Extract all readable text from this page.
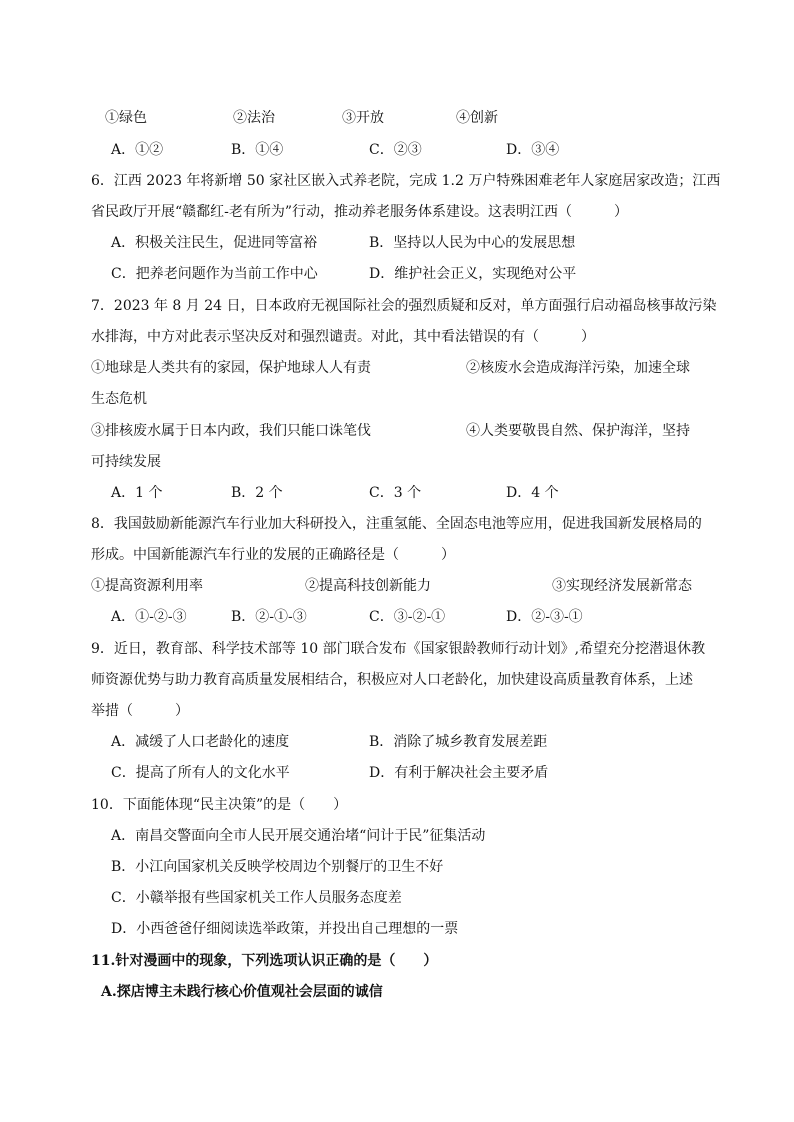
①绿色	②法治	③开放	④创新
A．①②	B．①④	C．②③	D．③④
6．江西 2023 年将新增 50 家社区嵌入式养老院，完成 1.2 万户特殊困难老年人家庭居家改造；江西
省民政厅开展“赣鄱红-老有所为”行动，推动养老服务体系建设。这表明江西（　　　）
A．积极关注民生，促进同等富裕	B．坚持以人民为中心的发展思想
C．把养老问题作为当前工作中心	D．维护社会正义，实现绝对公平
7．2023 年 8 月 24 日，日本政府无视国际社会的强烈质疑和反对，单方面强行启动福岛核事故污染
水排海，中方对此表示坚决反对和强烈谴责。对此，其中看法错误的有（　　　）
①地球是人类共有的家园，保护地球人人有责	②核废水会造成海洋污染，加速全球
生态危机
③排核废水属于日本内政，我们只能口诛笔伐	④人类要敬畏自然、保护海洋，坚持
可持续发展
A．1 个	B．2 个	C．3 个	D．4 个
8．我国鼓励新能源汽车行业加大科研投入，注重氢能、全固态电池等应用，促进我国新发展格局的
形成。中国新能源汽车行业的发展的正确路径是（　　　）
①提高资源利用率	②提高科技创新能力	③实现经济发展新常态
A．①-②-③	B．②-①-③	C．③-②-①	D．②-③-①
9．近日，教育部、科学技术部等 10 部门联合发布《国家银龄教师行动计划》,希望充分挖潜退休教
师资源优势与助力教育高质量发展相结合，积极应对人口老龄化，加快建设高质量教育体系，上述
举措（　　　）
A．减缓了人口老龄化的速度	B．消除了城乡教育发展差距
C．提高了所有人的文化水平	D．有利于解决社会主要矛盾
10．下面能体现“民主决策”的是（　　）
A．南昌交警面向全市人民开展交通治堵“问计于民”征集活动
B．小江向国家机关反映学校周边个别餐厅的卫生不好
C．小赣举报有些国家机关工作人员服务态度差
D．小西爸爸仔细阅读选举政策，并投出自己理想的一票
11.针对漫画中的现象，下列选项认识正确的是（　　）
A.探店博主未践行核心价值观社会层面的诚信
